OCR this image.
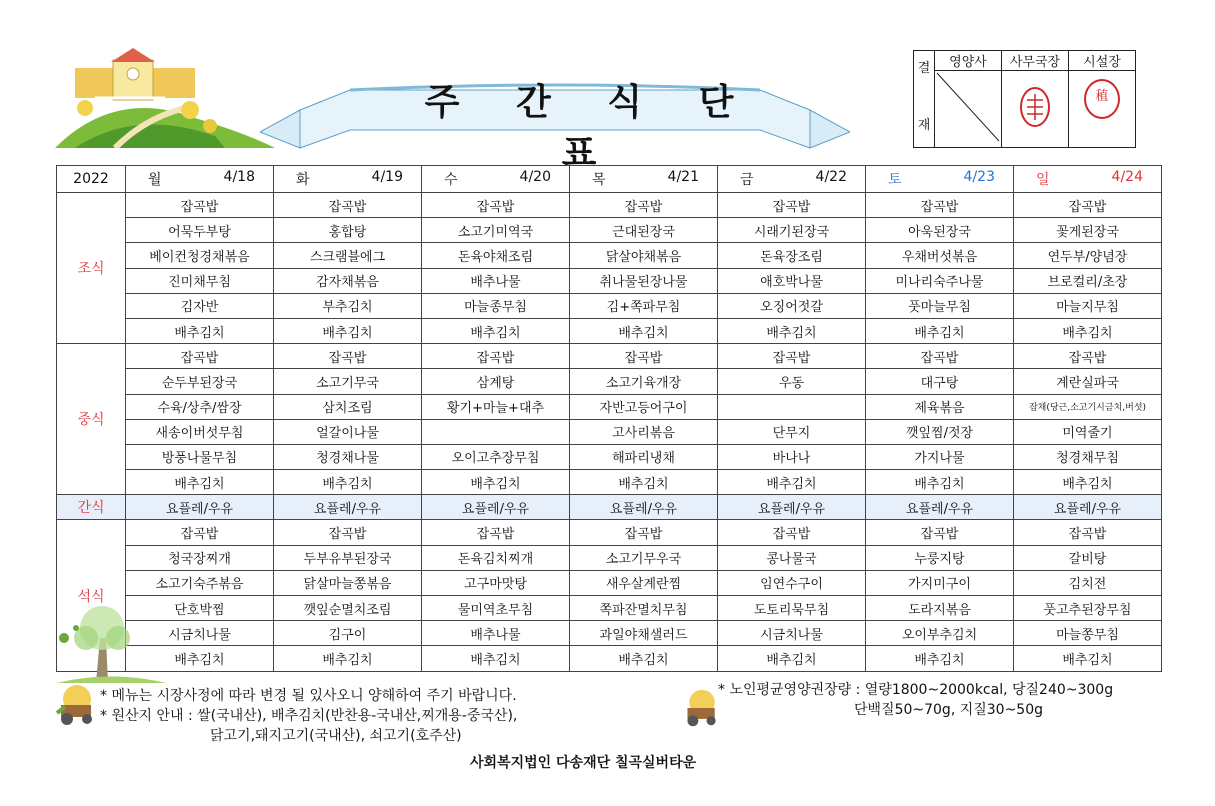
주 간 식 단 표
결
재	영양사	사무국장	시설장

稙
2022	월 4/18	화 4/19	수 4/20	목 4/21	금 4/22	토 4/23	일 4/24

조식	잡곡밥	잡곡밥	잡곡밥	잡곡밥	잡곡밥	잡곡밥	잡곡밥
	어묵두부탕	홍합탕	소고기미역국	근대된장국	시래기된장국	아욱된장국	꽃게된장국
	베이컨청경채볶음	스크램블에그	돈육야채조림	닭살야채볶음	돈육장조림	우채버섯볶음	연두부/양념장
	진미채무침	감자채볶음	배추나물	취나물된장나물	애호박나물	미나리숙주나물	브로컬리/초장
	김자반	부추김치	마늘종무침	김+쪽파무침	오징어젓갈	풋마늘무침	마늘지무침
	배추김치	배추김치	배추김치	배추김치	배추김치	배추김치	배추김치
중식	잡곡밥	잡곡밥	잡곡밥	잡곡밥	잡곡밥	잡곡밥	잡곡밥
	순두부된장국	소고기무국	삼계탕	소고기육개장	우동	대구탕	계란실파국
	수육/상추/쌈장	삼치조림	황기+마늘+대추	자반고등어구이		제육볶음	잡채(당근,소고기시금치,버섯)
	새송이버섯무침	얼갈이나물		고사리볶음	단무지	깻잎찜/젓장	미역줄기
	방풍나물무침	청경채나물	오이고추장무침	해파리냉채	바나나	가지나물	청경채무침
	배추김치	배추김치	배추김치	배추김치	배추김치	배추김치	배추김치
간식	요플레/우유	요플레/우유	요플레/우유	요플레/우유	요플레/우유	요플레/우유	요플레/우유
석식	잡곡밥	잡곡밥	잡곡밥	잡곡밥	잡곡밥	잡곡밥	잡곡밥
	청국장찌개	두부유부된장국	돈육김치찌개	소고기무우국	콩나물국	누룽지탕	갈비탕
	소고기숙주볶음	닭살마늘쫑볶음	고구마맛탕	새우살계란찜	임연수구이	가지미구이	김치전
	단호박찜	깻잎순멸치조림	물미역초무침	쪽파잔멸치무침	도토리묵무침	도라지볶음	풋고추된장무침
	시금치나물	김구이	배추나물	과일야채샐러드	시금치나물	오이부추김치	마늘쫑무침
	배추김치	배추김치	배추김치	배추김치	배추김치	배추김치	배추김치
* 메뉴는 시장사정에 따라 변경 될 있사오니 양해하여 주기 바랍니다.
* 원산지 안내 : 쌀(국내산), 배추김치(반찬용-국내산,찌개용-중국산),
닭고기,돼지고기(국내산), 쇠고기(호주산)
* 노인평균영양권장량 : 열량1800~2000kcal, 당질240~300g
단백질50~70g, 지질30~50g
사회복지법인 다송재단 칠곡실버타운
